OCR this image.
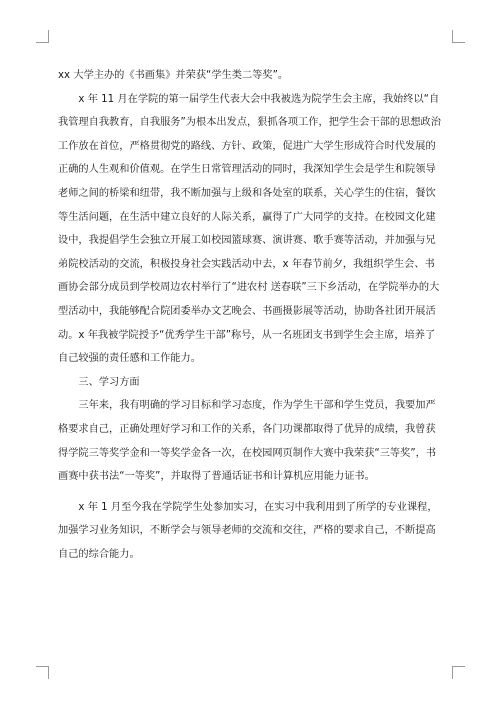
xx 大学主办的《书画集》并荣获“学生类二等奖”。

x 年 11 月在学院的第一届学生代表大会中我被选为院学生会主席，我始终以“自

我管理自我教育，自我服务”为根本出发点，狠抓各项工作，把学生会干部的思想政治

工作放在首位，严格贯彻党的路线、方针、政策，促进广大学生形成符合时代发展的

正确的人生观和价值观。在学生日常管理活动的同时，我深知学生会是学生和院领导

老师之间的桥梁和纽带，我不断加强与上级和各处室的联系，关心学生的住宿，餐饮

等生活问题，在生活中建立良好的人际关系，赢得了广大同学的支持。在校园文化建

设中，我提倡学生会独立开展工如校园篮球赛、演讲赛、歌手赛等活动，并加强与兄

弟院校活动的交流，积极投身社会实践活动中去，x 年春节前夕，我组织学生会、书

画协会部分成员到学校周边农村举行了“进农村 送春联”三下乡活动，在学院举办的大

型活动中，我能够配合院团委举办文艺晚会、书画摄影展等活动，协助各社团开展活

动。x 年我被学院授予“优秀学生干部”称号，从一名班团支书到学生会主席，培养了

自己较强的责任感和工作能力。

三、学习方面

三年来，我有明确的学习目标和学习态度，作为学生干部和学生党员，我要加严

格要求自己，正确处理好学习和工作的关系，各门功课都取得了优异的成绩，我曾获

得学院三等奖学金和一等奖学金各一次，在校园网页制作大赛中我荣获“三等奖”，书

画赛中获书法“一等奖”，并取得了普通话证书和计算机应用能力证书。

x 年 1 月至今我在学院学生处参加实习，在实习中我利用到了所学的专业课程，

加强学习业务知识，不断学会与领导老师的交流和交往，严格的要求自己，不断提高

自己的综合能力。
